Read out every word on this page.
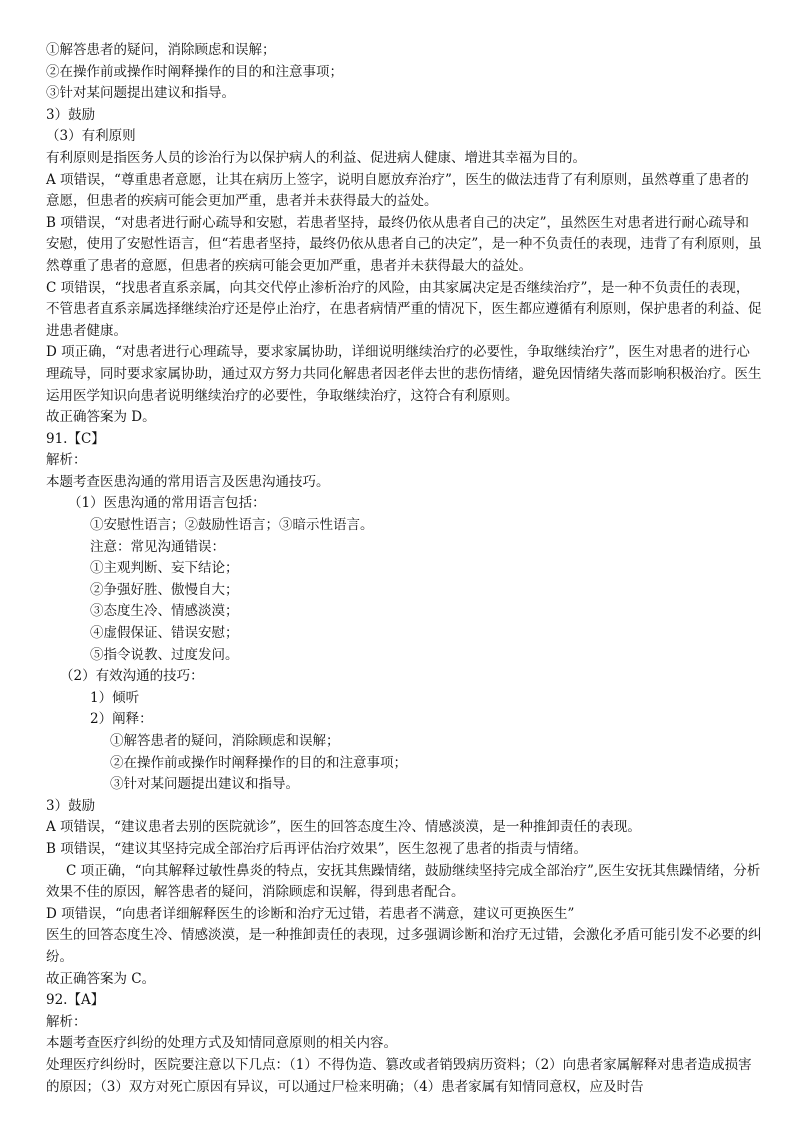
①解答患者的疑问，消除顾虑和误解；

②在操作前或操作时阐释操作的目的和注意事项；

③针对某问题提出建议和指导。

3）鼓励

（3）有利原则

有利原则是指医务人员的诊治行为以保护病人的利益、促进病人健康、增进其幸福为目的。

A 项错误，“尊重患者意愿，让其在病历上签字，说明自愿放弃治疗”，医生的做法违背了有利原则，虽然尊重了患者的意愿，但患者的疾病可能会更加严重，患者并未获得最大的益处。

B 项错误，“对患者进行耐心疏导和安慰，若患者坚持，最终仍依从患者自己的决定”，虽然医生对患者进行耐心疏导和安慰，使用了安慰性语言，但“若患者坚持，最终仍依从患者自己的决定”，是一种不负责任的表现，违背了有利原则，虽然尊重了患者的意愿，但患者的疾病可能会更加严重，患者并未获得最大的益处。

C 项错误，“找患者直系亲属，向其交代停止渗析治疗的风险，由其家属决定是否继续治疗”，是一种不负责任的表现，不管患者直系亲属选择继续治疗还是停止治疗，在患者病情严重的情况下，医生都应遵循有利原则，保护患者的利益、促进患者健康。

D 项正确，“对患者进行心理疏导，要求家属协助，详细说明继续治疗的必要性，争取继续治疗”，医生对患者的进行心理疏导，同时要求家属协助，通过双方努力共同化解患者因老伴去世的悲伤情绪，避免因情绪失落而影响积极治疗。医生运用医学知识向患者说明继续治疗的必要性，争取继续治疗，这符合有利原则。

故正确答案为 D。

91.【C】

解析：

本题考查医患沟通的常用语言及医患沟通技巧。

（1）医患沟通的常用语言包括：

①安慰性语言；②鼓励性语言；③暗示性语言。

注意：常见沟通错误：

①主观判断、妄下结论；

②争强好胜、傲慢自大；

③态度生冷、情感淡漠；

④虚假保证、错误安慰；

⑤指令说教、过度发问。

（2）有效沟通的技巧：

1）倾听

2）阐释：

①解答患者的疑问，消除顾虑和误解；

②在操作前或操作时阐释操作的目的和注意事项；

③针对某问题提出建议和指导。

3）鼓励

A 项错误，“建议患者去别的医院就诊”，医生的回答态度生冷、情感淡漠，是一种推卸责任的表现。

B 项错误，“建议其坚持完成全部治疗后再评估治疗效果”，医生忽视了患者的指责与情绪。

C 项正确，“向其解释过敏性鼻炎的特点，安抚其焦躁情绪，鼓励继续坚持完成全部治疗”,医生安抚其焦躁情绪，分析效果不佳的原因，解答患者的疑问，消除顾虑和误解，得到患者配合。

D 项错误，“向患者详细解释医生的诊断和治疗无过错，若患者不满意，建议可更换医生”

医生的回答态度生冷、情感淡漠，是一种推卸责任的表现，过多强调诊断和治疗无过错，会激化矛盾可能引发不必要的纠纷。

故正确答案为 C。

92.【A】

解析：

本题考查医疗纠纷的处理方式及知情同意原则的相关内容。

处理医疗纠纷时，医院要注意以下几点：（1）不得伪造、篡改或者销毁病历资料；（2）向患者家属解释对患者造成损害的原因；（3）双方对死亡原因有异议，可以通过尸检来明确；（4）患者家属有知情同意权，应及时告
